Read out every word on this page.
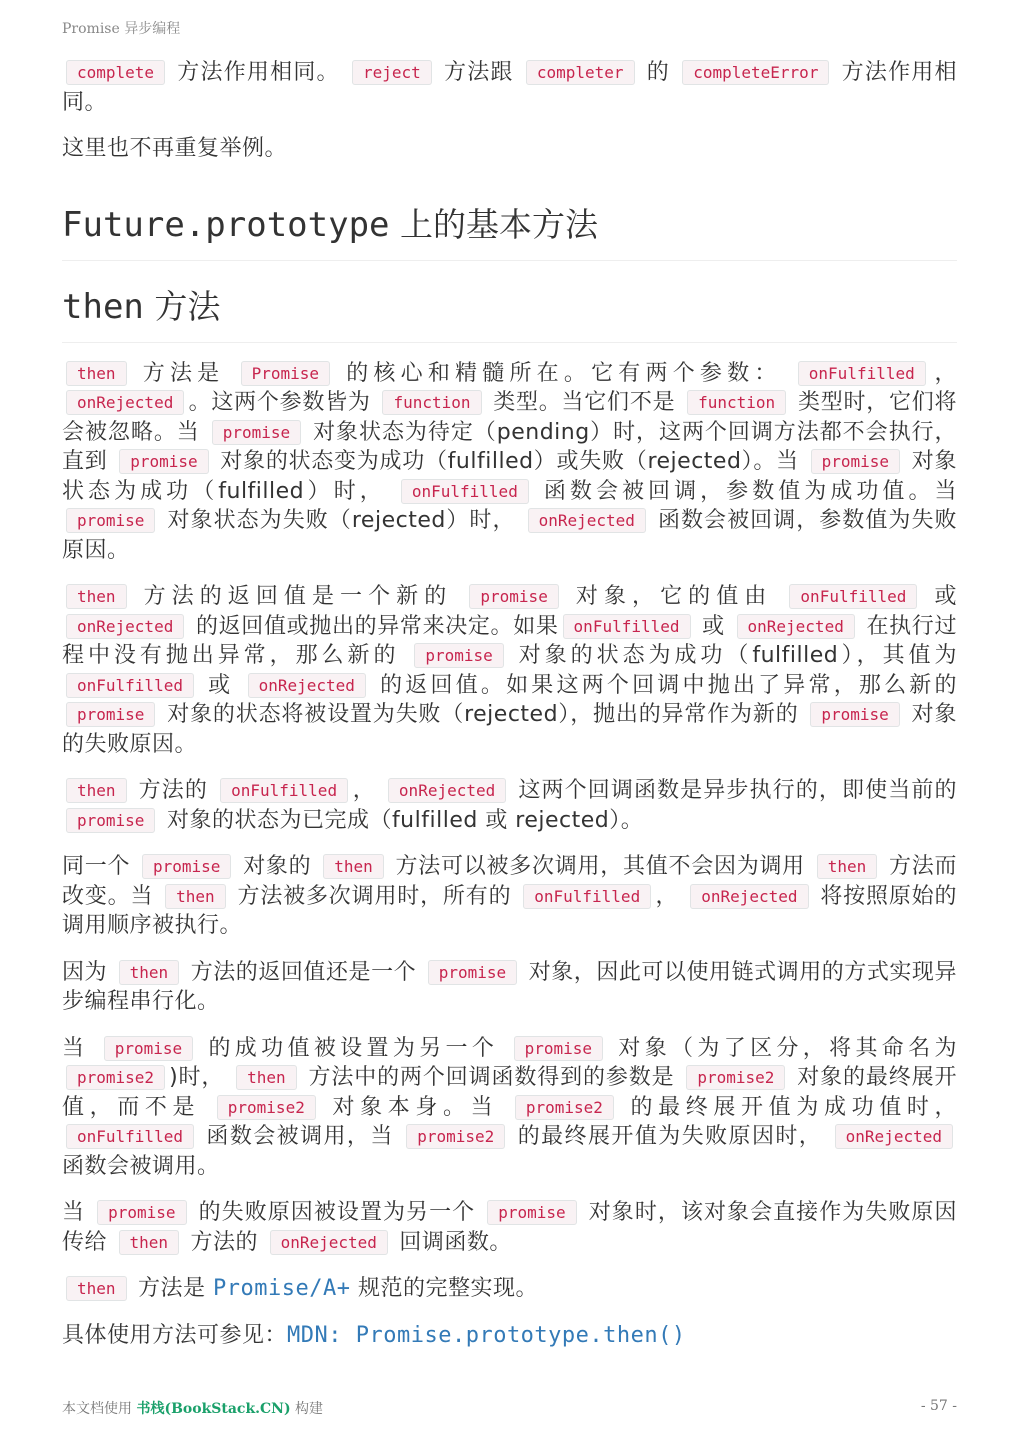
Promise 异步编程

complete 方法作用相同。 reject 方法跟 completer 的 completeError 方法作用相同。

这里也不再重复举例。

Future.prototype 上的基本方法
then 方法

then 方法是 Promise 的核心和精髓所在。它有两个参数： onFulfilled ， onRejected 。这两个参数皆为 function 类型。当它们不是 function 类型时，它们将会被忽略。当 promise 对象状态为待定（pending）时，这两个回调方法都不会执行，直到 promise 对象的状态变为成功（fulfilled）或失败（rejected）。当 promise 对象状态为成功（fulfilled）时， onFulfilled 函数会被回调，参数值为成功值。当 promise 对象状态为失败（rejected）时， onRejected 函数会被回调，参数值为失败原因。

then 方法的返回值是一个新的 promise 对象，它的值由 onFulfilled 或 onRejected 的返回值或抛出的异常来决定。如果 onFulfilled 或 onRejected 在执行过程中没有抛出异常，那么新的 promise 对象的状态为成功（fulfilled），其值为 onFulfilled 或 onRejected 的返回值。如果这两个回调中抛出了异常，那么新的 promise 对象的状态将被设置为失败（rejected），抛出的异常作为新的 promise 对象的失败原因。

then 方法的 onFulfilled ， onRejected 这两个回调函数是异步执行的，即使当前的 promise 对象的状态为已完成（fulfilled 或 rejected）。

同一个 promise 对象的 then 方法可以被多次调用，其值不会因为调用 then 方法而改变。当 then 方法被多次调用时，所有的 onFulfilled ， onRejected 将按照原始的调用顺序被执行。

因为 then 方法的返回值还是一个 promise 对象，因此可以使用链式调用的方式实现异步编程串行化。

当 promise 的成功值被设置为另一个 promise 对象（为了区分，将其命名为 promise2 )时， then 方法中的两个回调函数得到的参数是 promise2 对象的最终展开值，而不是 promise2 对象本身。当 promise2 的最终展开值为成功值时， onFulfilled 函数会被调用，当 promise2 的最终展开值为失败原因时， onRejected 函数会被调用。

当 promise 的失败原因被设置为另一个 promise 对象时，该对象会直接作为失败原因传给 then 方法的 onRejected 回调函数。

then 方法是 Promise/A+ 规范的完整实现。

具体使用方法可参见：MDN: Promise.prototype.then()

本文档使用 书栈(BookStack.CN) 构建	- 57 -
